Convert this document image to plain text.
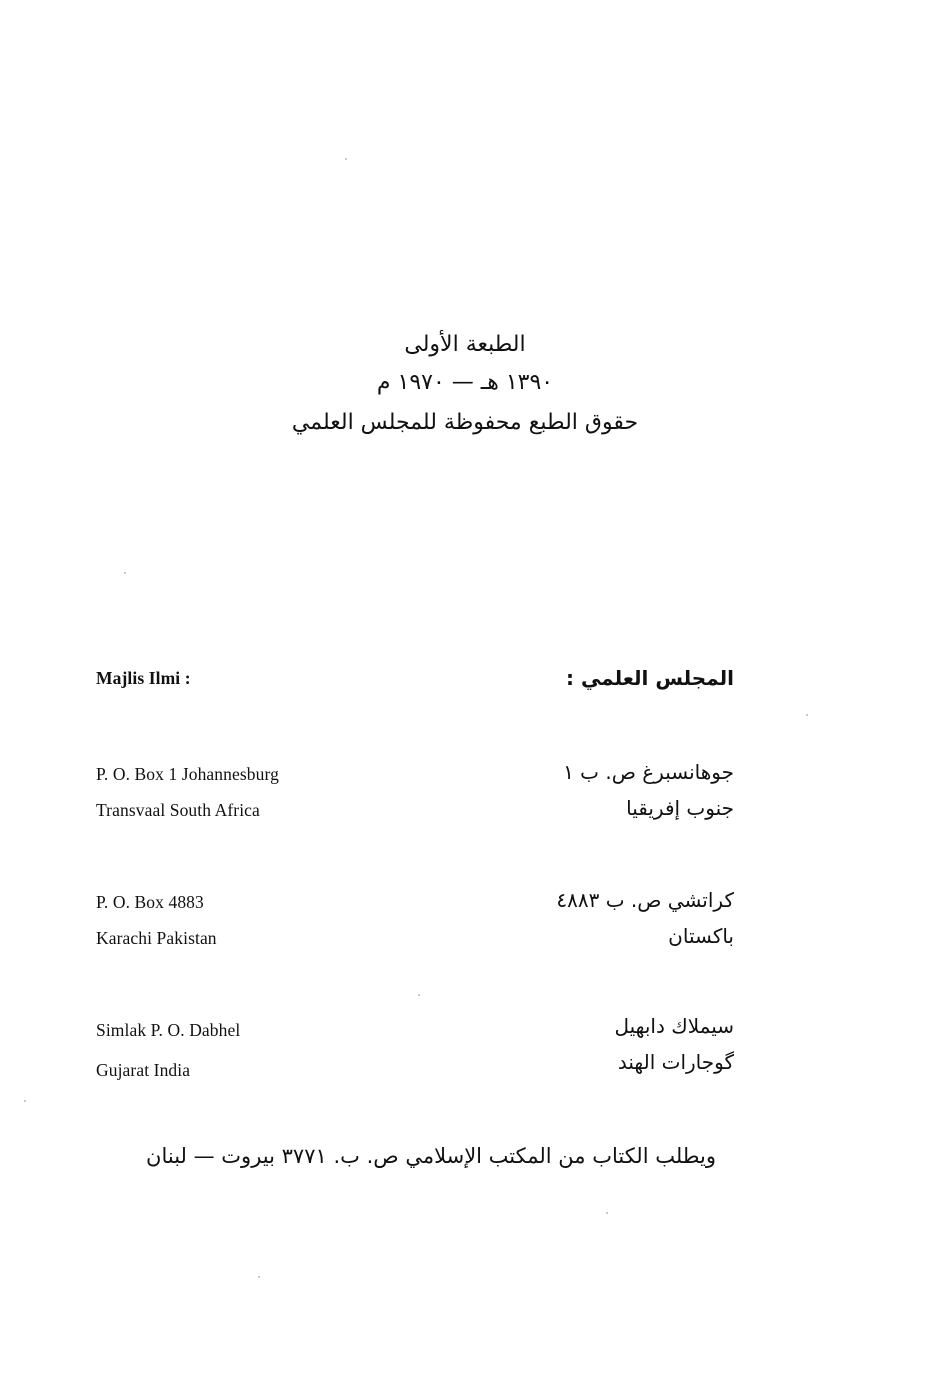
الطبعة الأولى
١٣٩٠ هـ — ١٩٧٠ م
حقوق الطبع محفوظة للمجلس العلمي
Majlis Ilmi :	المجلس العلمي :
P. O. Box 1 Johannesburg
Transvaal South Africa
جوهانسبرغ ص. ب ١
جنوب إفريقيا
P. O. Box 4883
Karachi Pakistan
كراتشي ص. ب ٤٨٨٣
باكستان
Simlak P. O. Dabhel
Gujarat India
سيملاك دابهيل
گوجارات الهند
ويطلب الكتاب من المكتب الإسلامي ص. ب. ٣٧٧١ بيروت — لبنان
